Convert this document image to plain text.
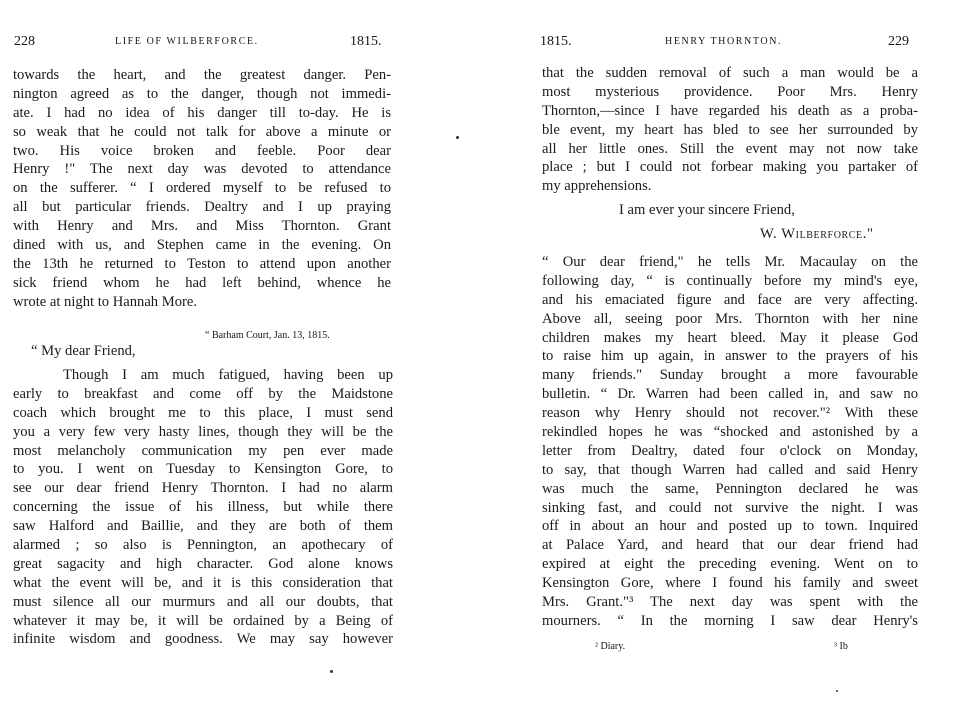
228	LIFE OF WILBERFORCE.	1815.
towards the heart, and the greatest danger. Pen-
nington agreed as to the danger, though not immedi-
ate. I had no idea of his danger till to-day. He is
so weak that he could not talk for above a minute or
two. His voice broken and feeble. Poor dear
Henry !" The next day was devoted to attendance
on the sufferer. “ I ordered myself to be refused to
all but particular friends. Dealtry and I up praying
with Henry and Mrs. and Miss Thornton. Grant
dined with us, and Stephen came in the evening. On
the 13th he returned to Teston to attend upon another
sick friend whom he had left behind, whence he
wrote at night to Hannah More.
“ Barham Court, Jan. 13, 1815.
“ My dear Friend,
Though I am much fatigued, having been up
early to breakfast and come off by the Maidstone
coach which brought me to this place, I must send
you a very few very hasty lines, though they will be the
most melancholy communication my pen ever made
to you. I went on Tuesday to Kensington Gore, to
see our dear friend Henry Thornton. I had no alarm
concerning the issue of his illness, but while there
saw Halford and Baillie, and they are both of them
alarmed ; so also is Pennington, an apothecary of
great sagacity and high character. God alone knows
what the event will be, and it is this consideration that
must silence all our murmurs and all our doubts, that
whatever it may be, it will be ordained by a Being of
infinite wisdom and goodness. We may say however
1815.	HENRY THORNTON.	229
that the sudden removal of such a man would be a
most mysterious providence. Poor Mrs. Henry
Thornton,—since I have regarded his death as a proba-
ble event, my heart has bled to see her surrounded by
all her little ones. Still the event may not now take
place ; but I could not forbear making you partaker of
my apprehensions.
I am ever your sincere Friend,
W. Wilberforce."
“ Our dear friend," he tells Mr. Macaulay on the
following day, “ is continually before my mind's eye,
and his emaciated figure and face are very affecting.
Above all, seeing poor Mrs. Thornton with her nine
children makes my heart bleed. May it please God
to raise him up again, in answer to the prayers of his
many friends." Sunday brought a more favourable
bulletin. “ Dr. Warren had been called in, and saw no
reason why Henry should not recover."² With these
rekindled hopes he was “shocked and astonished by a
letter from Dealtry, dated four o'clock on Monday,
to say, that though Warren had called and said Henry
was much the same, Pennington declared he was
sinking fast, and could not survive the night. I was
off in about an hour and posted up to town. Inquired
at Palace Yard, and heard that our dear friend had
expired at eight the preceding evening. Went on to
Kensington Gore, where I found his family and sweet
Mrs. Grant."³ The next day was spent with the
mourners. “ In the morning I saw dear Henry's
² Diary.	³ Ib
